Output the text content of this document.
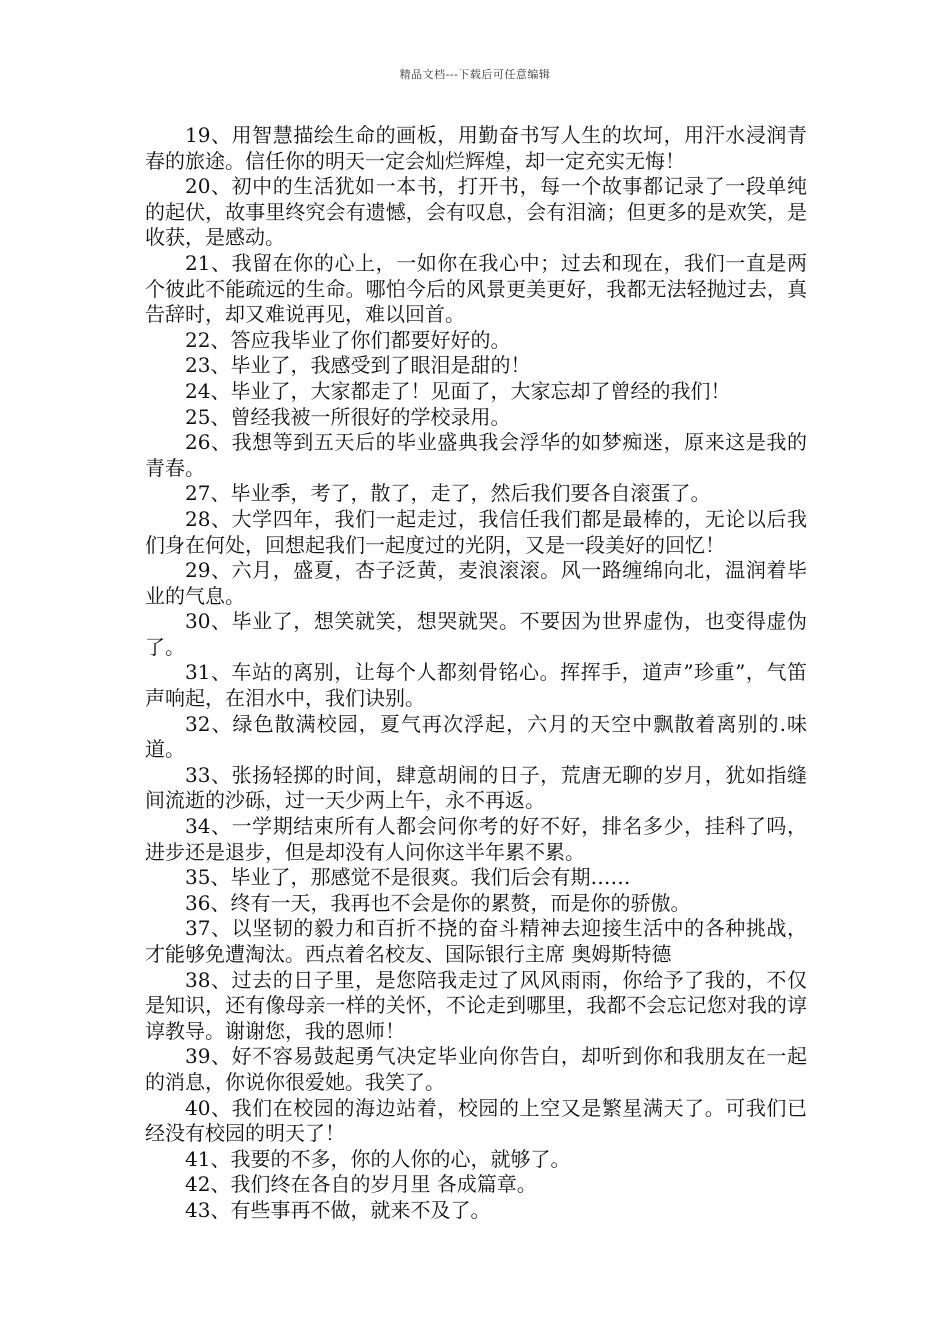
精品文档---下载后可任意编辑

19、用智慧描绘生命的画板，用勤奋书写人生的坎坷，用汗水浸润青春的旅途。信任你的明天一定会灿烂辉煌，却一定充实无悔！

20、初中的生活犹如一本书，打开书，每一个故事都记录了一段单纯的起伏，故事里终究会有遗憾，会有叹息，会有泪滴；但更多的是欢笑，是收获，是感动。

21、我留在你的心上，一如你在我心中；过去和现在，我们一直是两个彼此不能疏远的生命。哪怕今后的风景更美更好，我都无法轻抛过去，真告辞时，却又难说再见，难以回首。

22、答应我毕业了你们都要好好的。

23、毕业了，我感受到了眼泪是甜的！

24、毕业了，大家都走了！见面了，大家忘却了曾经的我们！

25、曾经我被一所很好的学校录用。

26、我想等到五天后的毕业盛典我会浮华的如梦痴迷，原来这是我的青春。

27、毕业季，考了，散了，走了，然后我们要各自滚蛋了。

28、大学四年，我们一起走过，我信任我们都是最棒的，无论以后我们身在何处，回想起我们一起度过的光阴，又是一段美好的回忆！

29、六月，盛夏，杏子泛黄，麦浪滚滚。风一路缠绵向北，温润着毕业的气息。

30、毕业了，想笑就笑，想哭就哭。不要因为世界虚伪，也变得虚伪了。

31、车站的离别，让每个人都刻骨铭心。挥挥手，道声”珍重”，气笛声响起，在泪水中，我们诀别。

32、绿色散满校园，夏气再次浮起，六月的天空中飘散着离别的.味道。

33、张扬轻掷的时间，肆意胡闹的日子，荒唐无聊的岁月，犹如指缝间流逝的沙砾，过一天少两上午，永不再返。

34、一学期结束所有人都会问你考的好不好，排名多少，挂科了吗，进步还是退步，但是却没有人问你这半年累不累。

35、毕业了，那感觉不是很爽。我们后会有期……

36、终有一天，我再也不会是你的累赘，而是你的骄傲。

37、以坚韧的毅力和百折不挠的奋斗精神去迎接生活中的各种挑战，才能够免遭淘汰。西点着名校友、国际银行主席 奥姆斯特德

38、过去的日子里，是您陪我走过了风风雨雨，你给予了我的，不仅是知识，还有像母亲一样的关怀，不论走到哪里，我都不会忘记您对我的谆谆教导。谢谢您，我的恩师！

39、好不容易鼓起勇气决定毕业向你告白，却听到你和我朋友在一起的消息，你说你很爱她。我笑了。

40、我们在校园的海边站着，校园的上空又是繁星满天了。可我们已经没有校园的明天了！

41、我要的不多，你的人你的心，就够了。

42、我们终在各自的岁月里 各成篇章。

43、有些事再不做，就来不及了。
